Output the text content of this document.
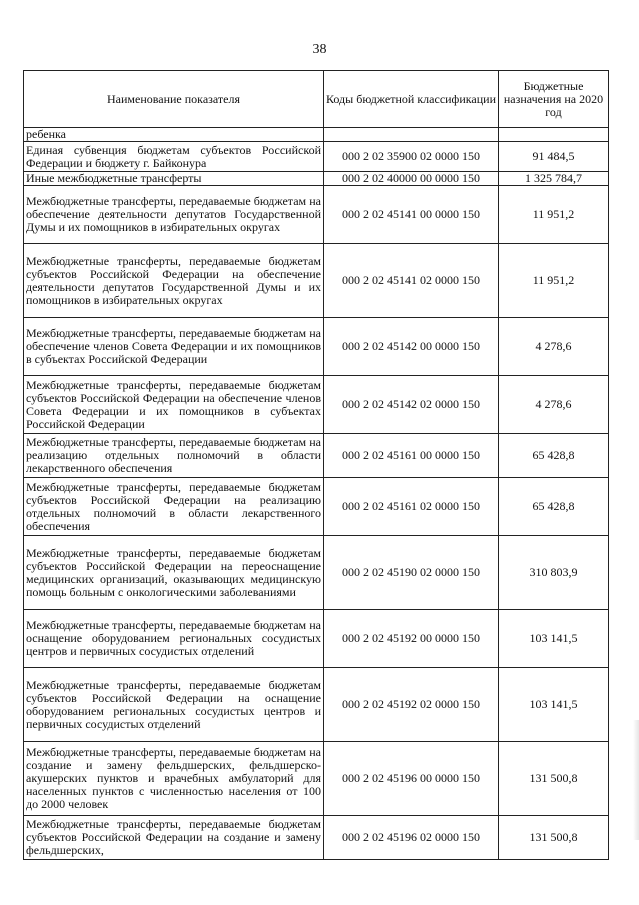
38
Наименование показателя	Коды бюджетной классификации	Бюджетные назначения на 2020 год
ребенка		
Единая субвенция бюджетам субъектов Российской Федерации и бюджету г. Байконура	000 2 02 35900 02 0000 150	91 484,5
Иные межбюджетные трансферты	000 2 02 40000 00 0000 150	1 325 784,7
Межбюджетные трансферты, передаваемые бюджетам на обеспечение деятельности депутатов Государственной Думы и их помощников в избирательных округах	000 2 02 45141 00 0000 150	11 951,2
Межбюджетные трансферты, передаваемые бюджетам субъектов Российской Федерации на обеспечение деятельности депутатов Государственной Думы и их помощников в избирательных округах	000 2 02 45141 02 0000 150	11 951,2
Межбюджетные трансферты, передаваемые бюджетам на обеспечение членов Совета Федерации и их помощников в субъектах Российской Федерации	000 2 02 45142 00 0000 150	4 278,6
Межбюджетные трансферты, передаваемые бюджетам субъектов Российской Федерации на обеспечение членов Совета Федерации и их помощников в субъектах Российской Федерации	000 2 02 45142 02 0000 150	4 278,6
Межбюджетные трансферты, передаваемые бюджетам на реализацию отдельных полномочий в области лекарственного обеспечения	000 2 02 45161 00 0000 150	65 428,8
Межбюджетные трансферты, передаваемые бюджетам субъектов Российской Федерации на реализацию отдельных полномочий в области лекарственного обеспечения	000 2 02 45161 02 0000 150	65 428,8
Межбюджетные трансферты, передаваемые бюджетам субъектов Российской Федерации на переоснащение медицинских организаций, оказывающих медицинскую помощь больным с онкологическими заболеваниями	000 2 02 45190 02 0000 150	310 803,9
Межбюджетные трансферты, передаваемые бюджетам на оснащение оборудованием региональных сосудистых центров и первичных сосудистых отделений	000 2 02 45192 00 0000 150	103 141,5
Межбюджетные трансферты, передаваемые бюджетам субъектов Российской Федерации на оснащение оборудованием региональных сосудистых центров и первичных сосудистых отделений	000 2 02 45192 02 0000 150	103 141,5
Межбюджетные трансферты, передаваемые бюджетам на создание и замену фельдшерских, фельдшерско-акушерских пунктов и врачебных амбулаторий для населенных пунктов с численностью населения от 100 до 2000 человек	000 2 02 45196 00 0000 150	131 500,8
Межбюджетные трансферты, передаваемые бюджетам субъектов Российской Федерации на создание и замену фельдшерских,	000 2 02 45196 02 0000 150	131 500,8
